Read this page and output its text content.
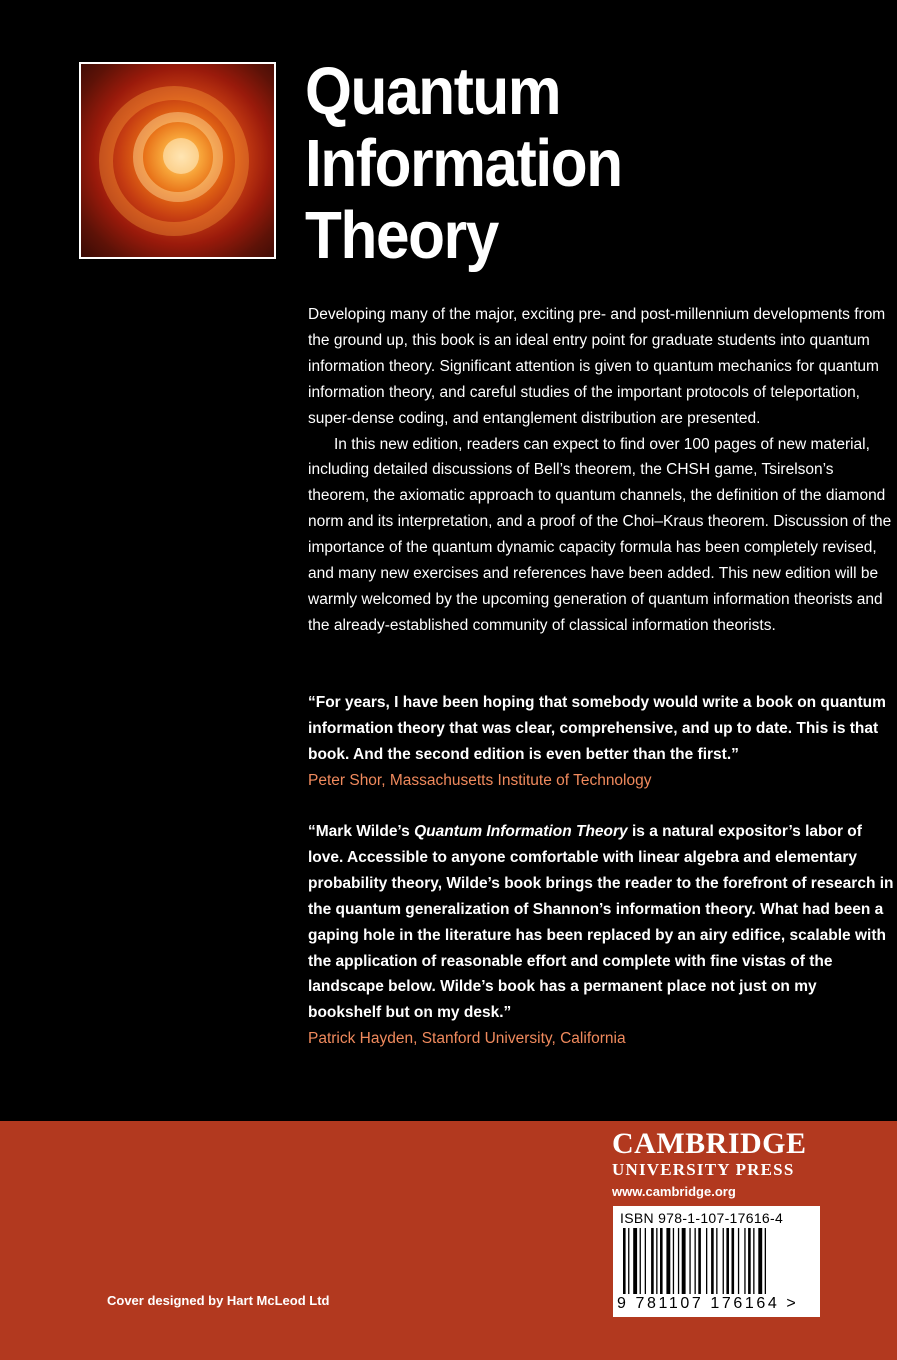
Quantum
Information
Theory

Developing many of the major, exciting pre- and post-millennium developments from the ground up, this book is an ideal entry point for graduate students into quantum information theory. Significant attention is given to quantum mechanics for quantum information theory, and careful studies of the important protocols of teleportation, super-dense coding, and entanglement distribution are presented.

In this new edition, readers can expect to find over 100 pages of new material, including detailed discussions of Bell’s theorem, the CHSH game, Tsirelson’s theorem, the axiomatic approach to quantum channels, the definition of the diamond norm and its interpretation, and a proof of the Choi–Kraus theorem. Discussion of the importance of the quantum dynamic capacity formula has been completely revised, and many new exercises and references have been added. This new edition will be warmly welcomed by the upcoming generation of quantum information theorists and the already-established community of classical information theorists.

“For years, I have been hoping that somebody would write a book on quantum information theory that was clear, comprehensive, and up to date. This is that book. And the second edition is even better than the first.”
Peter Shor, Massachusetts Institute of Technology
“Mark Wilde’s Quantum Information Theory is a natural expositor’s labor of love. Accessible to anyone comfortable with linear algebra and elementary probability theory, Wilde’s book brings the reader to the forefront of research in the quantum generalization of Shannon’s information theory. What had been a gaping hole in the literature has been replaced by an airy edifice, scalable with the application of reasonable effort and complete with fine vistas of the landscape below. Wilde’s book has a permanent place not just on my bookshelf but on my desk.”
Patrick Hayden, Stanford University, California
Cover designed by Hart McLeod Ltd
CAMBRIDGE
UNIVERSITY PRESS
www.cambridge.org
ISBN 978-1-107-17616-4
9 781107 176164 >
